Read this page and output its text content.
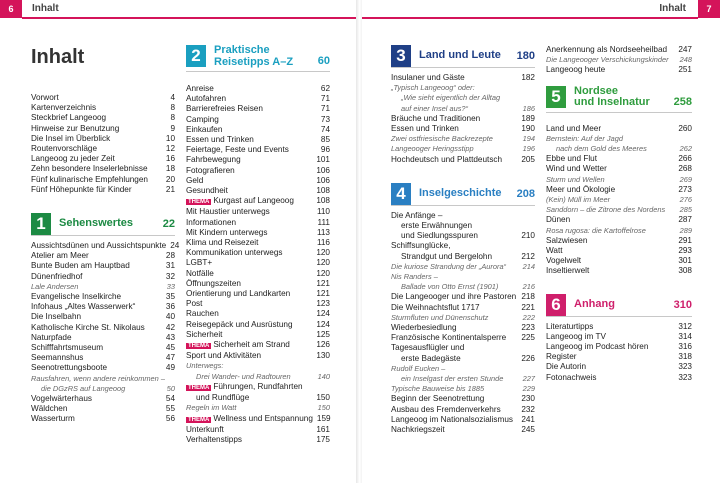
6	Inhalt
Inhalt
Vorwort	4
Kartenverzeichnis	8
Steckbrief Langeoog	8
Hinweise zur Benutzung	9
Die Insel im Überblick	10
Routenvorschläge	12
Langeoog zu jeder Zeit	16
Zehn besondere Inselerlebnisse	18
Fünf kulinarische Empfehlungen	20
Fünf Höhepunkte für Kinder	21
1	Sehenswertes	22
Aussichtsdünen und Aussichtspunkte 24
Atelier am Meer	28
Bunte Buden am Hauptbad	31
Dünenfriedhof	32
Lale Andersen	33
Evangelische Inselkirche	35
Infohaus „Altes Wasserwerk“	36
Die Inselbahn	40
Katholische Kirche St. Nikolaus	42
Naturpfade	43
Schifffahrtsmuseum	45
Seemannshus	47
Seenotrettungsboote	49
Rausfahren, wenn andere reinkommen –
die DGzRS auf Langeoog	50
Vogelwärterhaus	54
Wäldchen	55
Wasserturm	56
2	Praktische
Reisetipps A–Z	60
Anreise	62
Autofahren	71
Barrierefreies Reisen	71
Camping	73
Einkaufen	74
Essen und Trinken	85
Feiertage, Feste und Events	96
Fahrbewegung	101
Fotografieren	106
Geld	106
Gesundheit	108
THEMA Kurgast auf Langeoog	108
Mit Haustier unterwegs	110
Informationen	111
Mit Kindern unterwegs	113
Klima und Reisezeit	116
Kommunikation unterwegs	120
LGBT+	120
Notfälle	120
Öffnungszeiten	121
Orientierung und Landkarten	121
Post	123
Rauchen	124
Reisegepäck und Ausrüstung	124
Sicherheit	125
THEMA Sicherheit am Strand	126
Sport und Aktivitäten	130
Unterwegs:
Drei Wander- und Radtouren	140
THEMA Führungen, Rundfahrten
und Rundflüge	150
Regeln im Watt	150
THEMA Wellness und Entspannung 159
Unterkunft	161
Verhaltenstipps	175
Inhalt	7
3	Land und Leute	180
Insulaner und Gäste	182
„Typisch Langeoog“ oder:
„Wie sieht eigentlich der Alltag
auf einer Insel aus?“	186
Bräuche und Traditionen	189
Essen und Trinken	190
Zwei ostfriesische Backrezepte	194
Langeooger Heringsstipp	196
Hochdeutsch und Plattdeutsch	205
4	Inselgeschichte	208
Die Anfänge –
erste Erwähnungen
und Siedlungsspuren	210
Schiffsunglücke,
Strandgut und Bergelohn	212
Die kuriose Strandung der „Aurora“	214
Nis Randers –
Ballade von Otto Ernst (1901)	216
Die Langeooger und ihre Pastoren 218
Die Weihnachtsflut 1717	221
Sturmfluten und Dünenschutz	222
Wiederbesiedlung	223
Französische Kontinentalsperre	225
Tagesausflügler und
erste Badegäste	226
Rudolf Eucken –
ein Inselgast der ersten Stunde	227
Typische Bauweise bis 1885	229
Beginn der Seenotrettung	230
Ausbau des Fremdenverkehrs	232
Langeoog im Nationalsozialismus	241
Nachkriegszeit	245
Anerkennung als Nordseeheilbad	247
Die Langeooger Verschickungskinder	248
Langeoog heute	251
5	Nordsee
und Inselnatur	258
Land und Meer	260
Bernstein: Auf der Jagd
nach dem Gold des Meeres	262
Ebbe und Flut	266
Wind und Wetter	268
Sturm und Wellen	269
Meer und Ökologie	273
(Kein) Müll im Meer	276
Sanddorn – die Zitrone des Nordens	285
Dünen	287
Rosa rugosa: die Kartoffelrose	289
Salzwiesen	291
Watt	293
Vogelwelt	301
Inseltierwelt	308
6	Anhang	310
Literaturtipps	312
Langeoog im TV	314
Langeoog im Podcast hören	316
Register	318
Die Autorin	323
Fotonachweis	323
